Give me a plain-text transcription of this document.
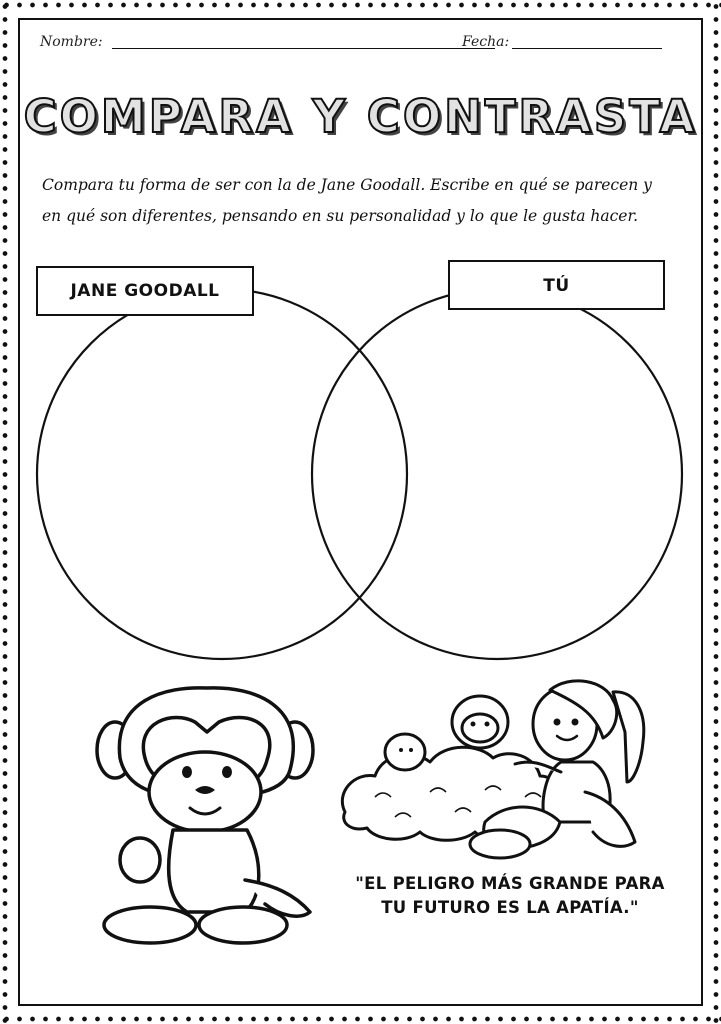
Nombre:	Fecha:
COMPARA Y CONTRASTA

Compara tu forma de ser con la de Jane Goodall. Escribe en qué se parecen y
en qué son diferentes, pensando en su personalidad y lo que le gusta hacer.

JANE GOODALL	TÚ
"EL PELIGRO MÁS GRANDE PARA
TU FUTURO ES LA APATÍA."
